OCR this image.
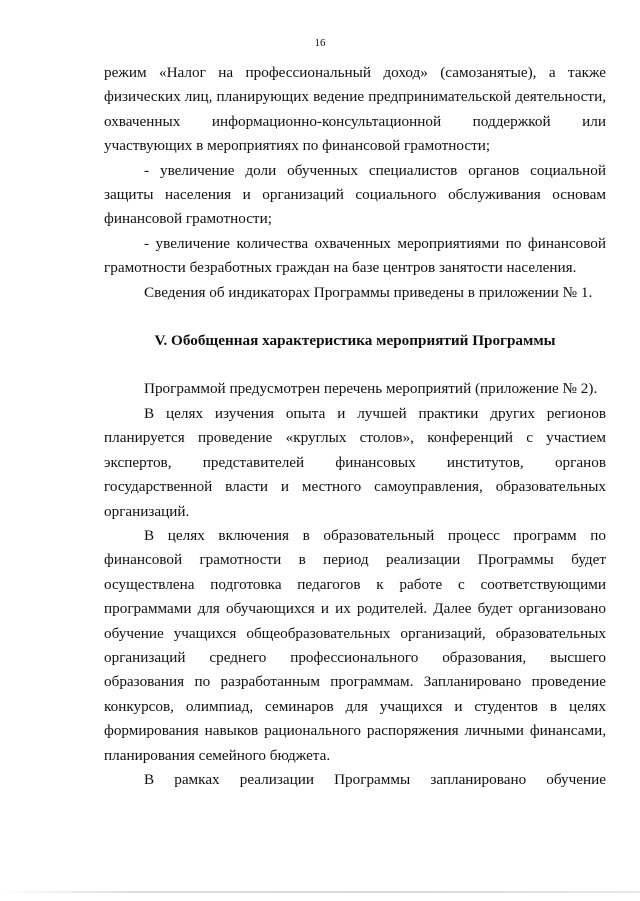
16

режим «Налог на профессиональный доход» (самозанятые), а также физических лиц, планирующих ведение предпринимательской деятельности, охваченных информационно-консультационной поддержкой или участвующих в мероприятиях по финансовой грамотности;

- увеличение доли обученных специалистов органов социальной защиты населения и организаций социального обслуживания основам финансовой грамотности;

- увеличение количества охваченных мероприятиями по финансовой грамотности безработных граждан на базе центров занятости населения.

Сведения об индикаторах Программы приведены в приложении № 1.

V. Обобщенная характеристика мероприятий Программы

Программой предусмотрен перечень мероприятий (приложение № 2).

В целях изучения опыта и лучшей практики других регионов планируется проведение «круглых столов», конференций с участием экспертов, представителей финансовых институтов, органов государственной власти и местного самоуправления, образовательных организаций.

В целях включения в образовательный процесс программ по финансовой грамотности в период реализации Программы будет осуществлена подготовка педагогов к работе с соответствующими программами для обучающихся и их родителей. Далее будет организовано обучение учащихся общеобразовательных организаций, образовательных организаций среднего профессионального образования, высшего образования по разработанным программам. Запланировано проведение конкурсов, олимпиад, семинаров для учащихся и студентов в целях формирования навыков рационального распоряжения личными финансами, планирования семейного бюджета.

В рамках реализации Программы запланировано обучение
